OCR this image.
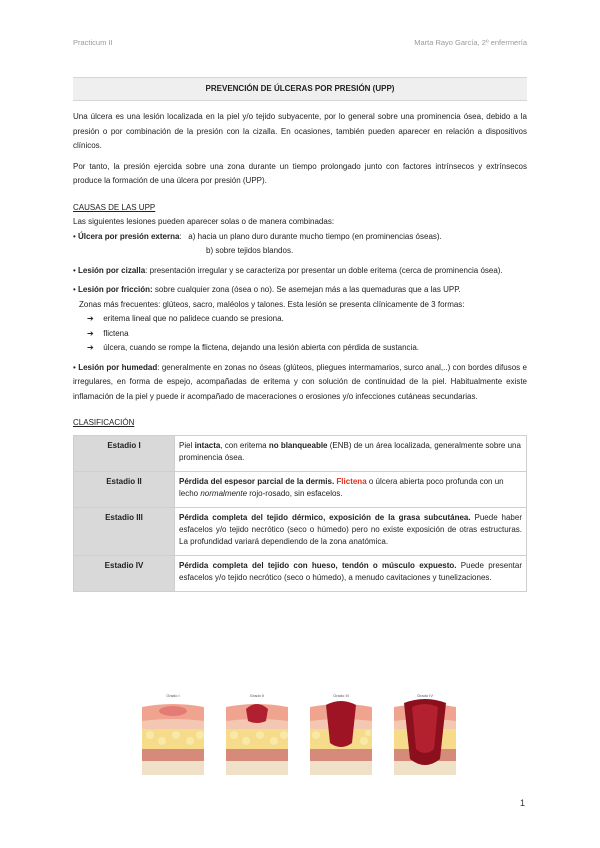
Practicum II	Marta Rayo García, 2º enfermería
PREVENCIÓN DE ÚLCERAS POR PRESIÓN (UPP)

Una úlcera es una lesión localizada en la piel y/o tejido subyacente, por lo general sobre una prominencia ósea, debido a la presión o por combinación de la presión con la cizalla. En ocasiones, también pueden aparecer en relación a dispositivos clínicos.

Por tanto, la presión ejercida sobre una zona durante un tiempo prolongado junto con factores intrínsecos y extrínsecos produce la formación de una úlcera por presión (UPP).

CAUSAS DE LAS UPP
Las siguientes lesiones pueden aparecer solas o de manera combinadas:
• Úlcera por presión externa:   a) hacia un plano duro durante mucho tiempo (en prominencias óseas).
b) sobre tejidos blandos.
• Lesión por cizalla: presentación irregular y se caracteriza por presentar un doble eritema (cerca de prominencia ósea).
• Lesión por fricción: sobre cualquier zona (ósea o no). Se asemejan más a las quemaduras que a las UPP.
Zonas más frecuentes: glúteos, sacro, maléolos y talones. Esta lesión se presenta clínicamente de 3 formas:
➔ eritema lineal que no palidece cuando se presiona.
➔ flictena
➔ úlcera, cuando se rompe la flictena, dejando una lesión abierta con pérdida de sustancia.

• Lesión por humedad: generalmente en zonas no óseas (glúteos, pliegues intermamarios, surco anal,..) con bordes difusos e irregulares, en forma de espejo, acompañadas de eritema y con solución de continuidad de la piel. Habitualmente existe inflamación de la piel y puede ir acompañado de maceraciones o erosiones y/o infecciones cutáneas secundarias.

CLASIFICACIÓN
Estadio I	Piel intacta, con eritema no blanqueable (ENB) de un área localizada, generalmente sobre una prominencia ósea.
Estadio II	Pérdida del espesor parcial de la dermis. Flictena o úlcera abierta poco profunda con un lecho normalmente rojo-rosado, sin esfacelos.
Estadio III	Pérdida completa del tejido dérmico, exposición de la grasa subcutánea. Puede haber esfacelos y/o tejido necrótico (seco o húmedo) pero no existe exposición de otras estructuras. La profundidad variará dependiendo de la zona anatómica.
Estadio IV	Pérdida completa del tejido con hueso, tendón o músculo expuesto. Puede presentar esfacelos y/o tejido necrótico (seco o húmedo), a menudo cavitaciones y tunelizaciones.
Grado I	Grado II	Grado III	Grado IV
1
